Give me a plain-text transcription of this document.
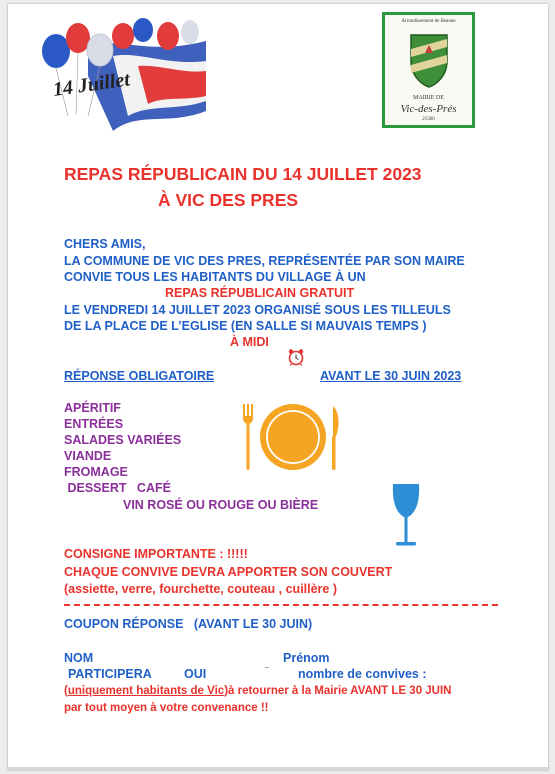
14 Juillet
Arrondissement de Beaune
MAIRIE DE
Vic-des-Prés
21360
REPAS RÉPUBLICAIN DU 14 JUILLET 2023
À VIC DES PRES
CHERS AMIS,
LA COMMUNE DE VIC DES PRES, REPRÉSENTÉE PAR SON MAIRE
CONVIE TOUS LES HABITANTS DU VILLAGE À UN
REPAS RÉPUBLICAIN GRATUIT
LE VENDREDI 14 JUILLET 2023 ORGANISÉ SOUS LES TILLEULS
DE LA PLACE DE L’EGLISE (EN SALLE SI MAUVAIS TEMPS )
À MIDI
RÉPONSE OBLIGATOIRE	AVANT LE 30 JUIN 2023
APÉRITIF
ENTRÉES
SALADES VARIÉES
VIANDE
FROMAGE
DESSERT   CAFÉ
VIN ROSÉ OU ROUGE OU BIÈRE
CONSIGNE IMPORTANTE : !!!!!
CHAQUE CONVIVE DEVRA APPORTER SON COUVERT
(assiette, verre, fourchette, couteau , cuillère )
COUPON RÉPONSE   (AVANT LE 30 JUIN)
NOM	Prénom
PARTICIPERA	OUI	nombre de convives :
(uniquement habitants de Vic)à retourner à la Mairie AVANT LE 30 JUIN
par tout moyen à votre convenance !!
